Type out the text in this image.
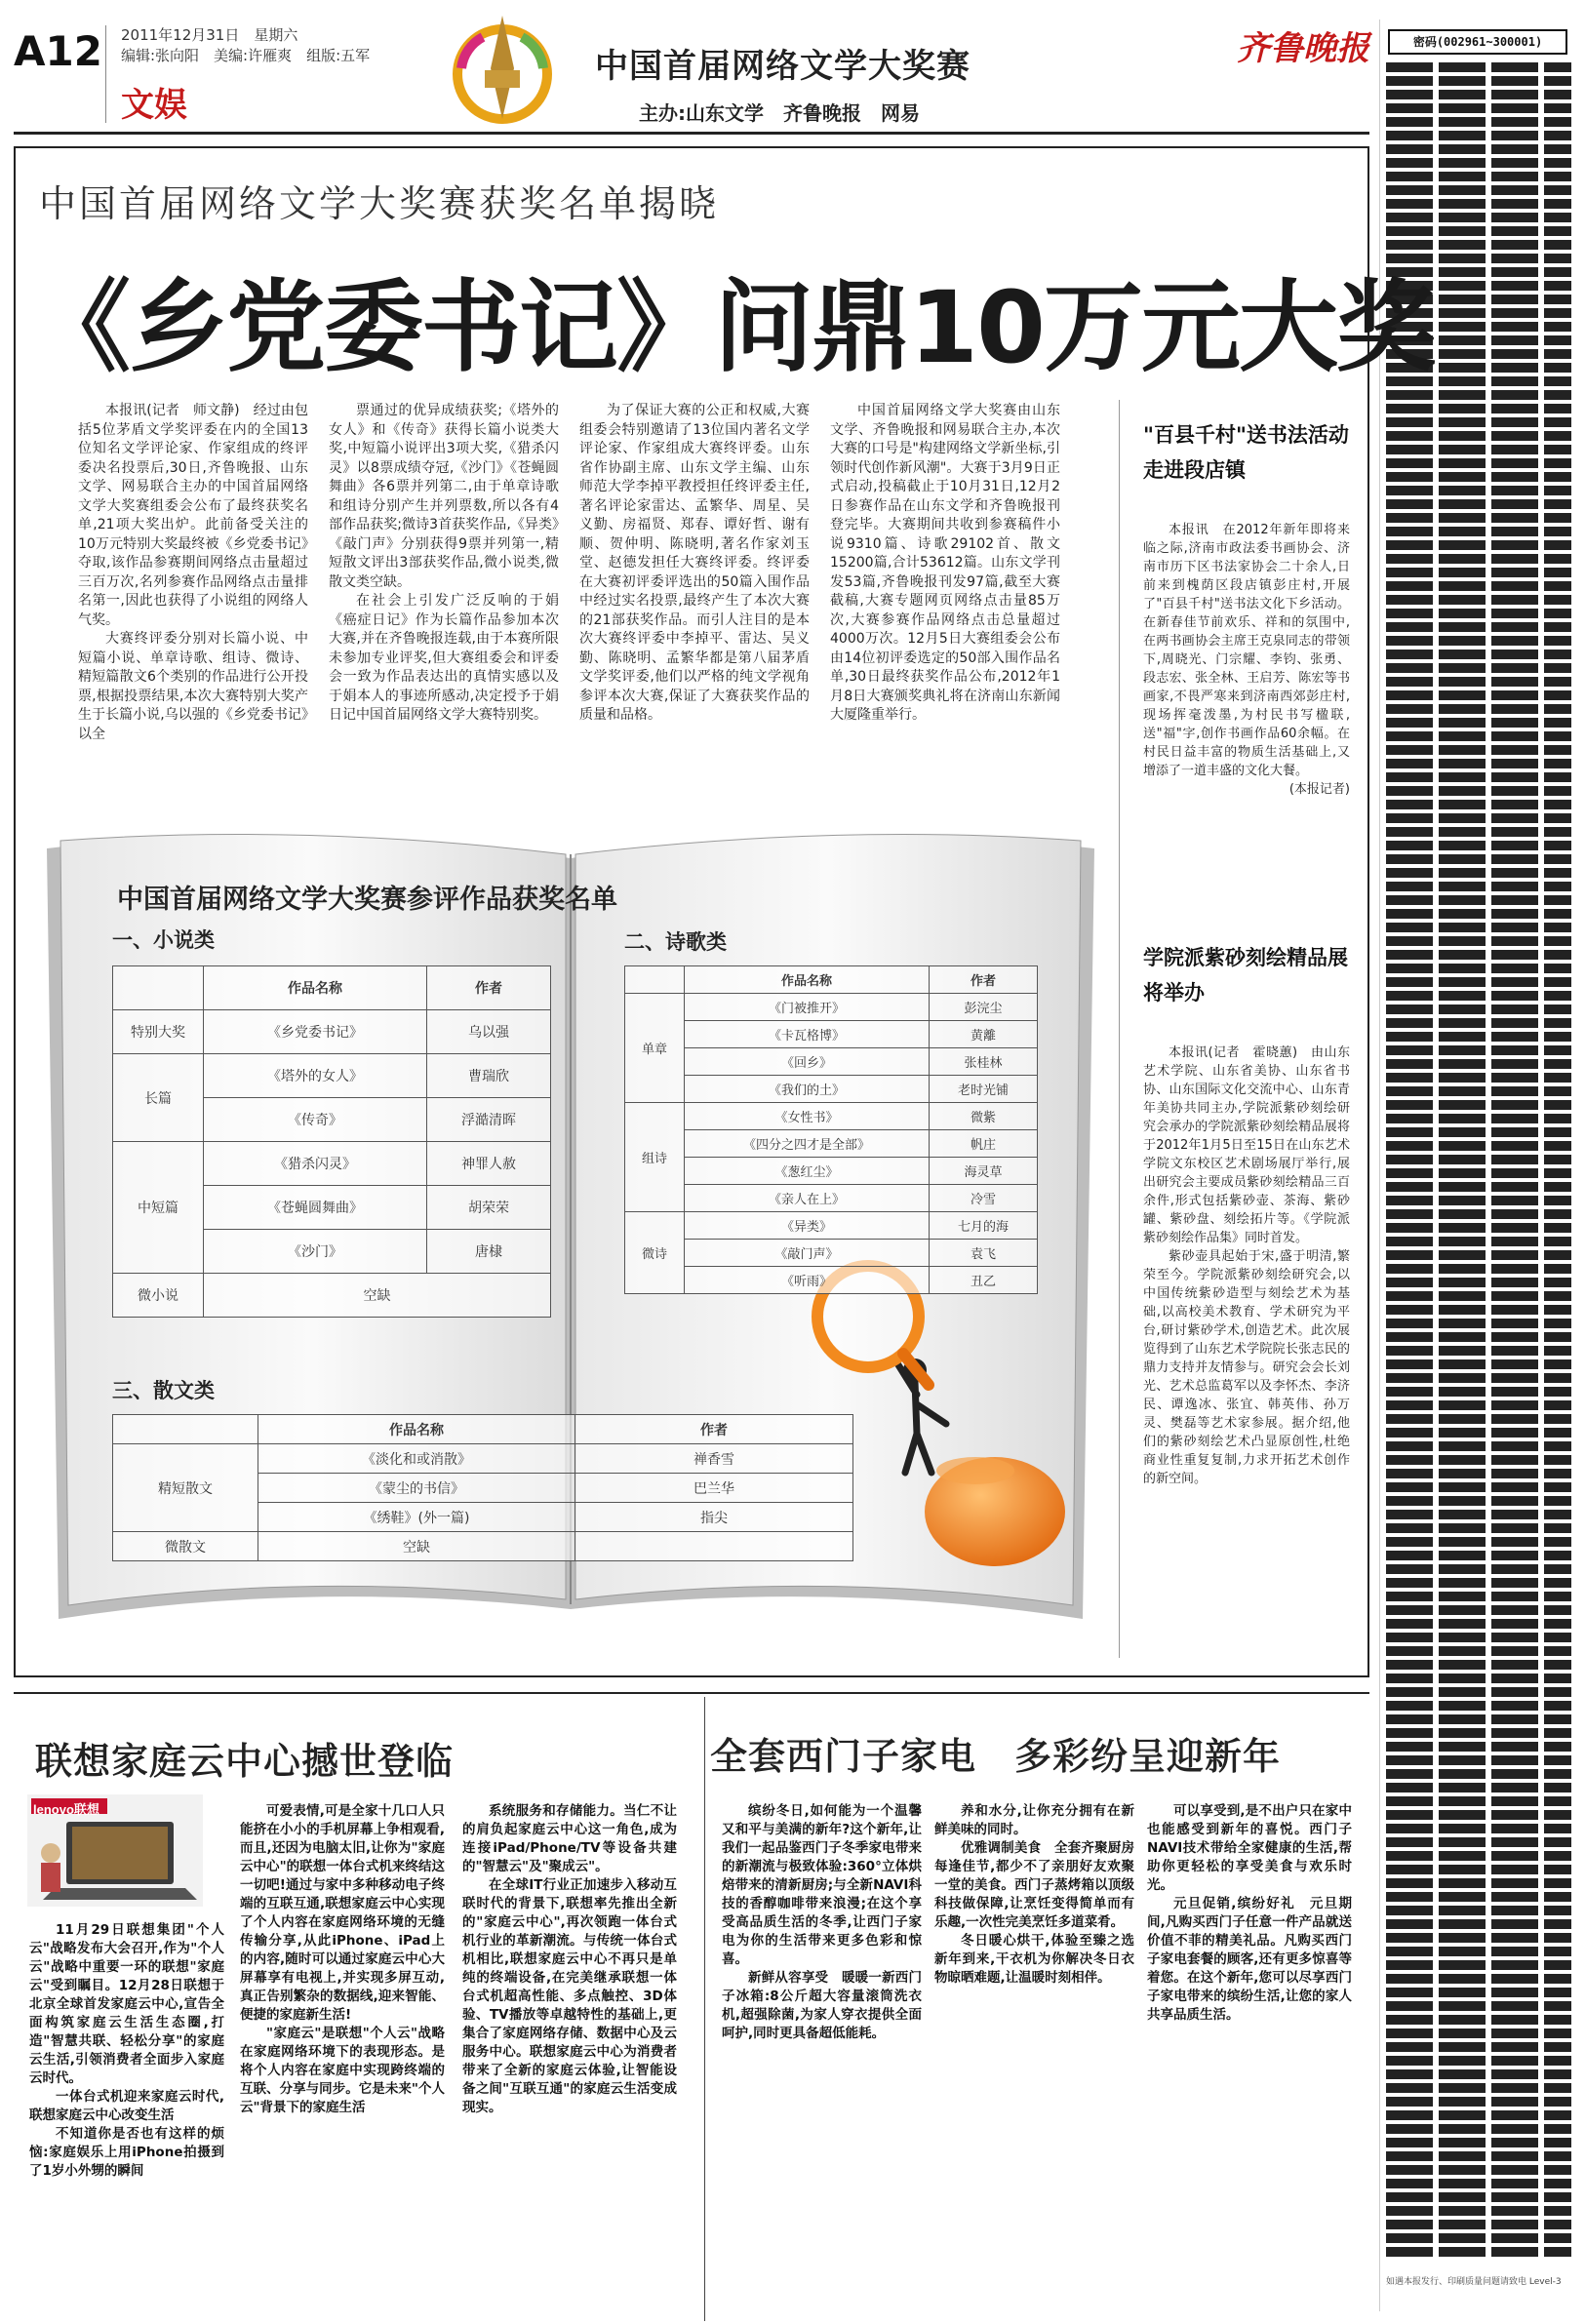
A12 2011年12月31日　星期六
编辑:张向阳　美编:许雁爽　组版:五军
文娱
中国首届网络文学大奖赛
主办:山东文学　齐鲁晚报　网易
齐鲁晚报	密码(002961~300001)
如遇本报发行、印刷质量问题请致电 Level-3
中国首届网络文学大奖赛获奖名单揭晓
《乡党委书记》问鼎10万元大奖

本报讯(记者　师文静)　经过由包括5位茅盾文学奖评委在内的全国13位知名文学评论家、作家组成的终评委决名投票后,30日,齐鲁晚报、山东文学、网易联合主办的中国首届网络文学大奖赛组委会公布了最终获奖名单,21项大奖出炉。此前备受关注的10万元特别大奖最终被《乡党委书记》夺取,该作品参赛期间网络点击量超过三百万次,名列参赛作品网络点击量排名第一,因此也获得了小说组的网络人气奖。

大赛终评委分别对长篇小说、中短篇小说、单章诗歌、组诗、微诗、精短篇散文6个类别的作品进行公开投票,根据投票结果,本次大赛特别大奖产生于长篇小说,乌以强的《乡党委书记》以全

票通过的优异成绩获奖;《塔外的女人》和《传奇》获得长篇小说类大奖,中短篇小说评出3项大奖,《猎杀闪灵》以8票成绩夺冠,《沙门》《苍蝇圆舞曲》各6票并列第二,由于单章诗歌和组诗分别产生并列票数,所以各有4部作品获奖;微诗3首获奖作品,《异类》《敲门声》分别获得9票并列第一,精短散文评出3部获奖作品,微小说类,微散文类空缺。

在社会上引发广泛反响的于娟《癌症日记》作为长篇作品参加本次大赛,并在齐鲁晚报连载,由于本赛所限未参加专业评奖,但大赛组委会和评委会一致为作品表达出的真情实感以及于娟本人的事迹所感动,决定授予于娟日记中国首届网络文学大赛特别奖。

为了保证大赛的公正和权威,大赛组委会特别邀请了13位国内著名文学评论家、作家组成大赛终评委。山东省作协副主席、山东文学主编、山东师范大学李掉平教授担任终评委主任,著名评论家雷达、孟繁华、周星、吴义勤、房福贤、郑春、谭好哲、谢有顺、贺仲明、陈晓明,著名作家刘玉堂、赵德发担任大赛终评委。终评委在大赛初评委评选出的50篇入围作品中经过实名投票,最终产生了本次大赛的21部获奖作品。而引人注目的是本次大赛终评委中李掉平、雷达、吴义勤、陈晓明、孟繁华都是第八届茅盾文学奖评委,他们以严格的纯文学视角参评本次大赛,保证了大赛获奖作品的质量和品格。

中国首届网络文学大奖赛由山东文学、齐鲁晚报和网易联合主办,本次大赛的口号是"构建网络文学新坐标,引领时代创作新风潮"。大赛于3月9日正式启动,投稿截止于10月31日,12月2日参赛作品在山东文学和齐鲁晚报刊登完毕。大赛期间共收到参赛稿件小说9310篇、诗歌29102首、散文15200篇,合计53612篇。山东文学刊发53篇,齐鲁晚报刊发97篇,截至大赛截稿,大赛专题网页网络点击量85万次,大赛参赛作品网络点击总量超过4000万次。12月5日大赛组委会公布由14位初评委选定的50部入围作品名单,30日最终获奖作品公布,2012年1月8日大赛颁奖典礼将在济南山东新闻大厦隆重举行。

"百县千村"送书法活动走进段店镇

本报讯　在2012年新年即将来临之际,济南市政法委书画协会、济南市历下区书法家协会二十余人,日前来到槐荫区段店镇彭庄村,开展了"百县千村"送书法文化下乡活动。在新春佳节前欢乐、祥和的氛围中,在两书画协会主席王克泉同志的带领下,周晓光、门宗耀、李钧、张勇、段志宏、张全林、王启芳、陈宏等书画家,不畏严寒来到济南西郊彭庄村,现场挥毫泼墨,为村民书写楹联,送"福"字,创作书画作品60余幅。在村民日益丰富的物质生活基础上,又增添了一道丰盛的文化大餐。

(本报记者)

学院派紫砂刻绘精品展将举办

本报讯(记者　霍晓蕙)　由山东艺术学院、山东省美协、山东省书协、山东国际文化交流中心、山东青年美协共同主办,学院派紫砂刻绘研究会承办的学院派紫砂刻绘精品展将于2012年1月5日至15日在山东艺术学院文东校区艺术剧场展厅举行,展出研究会主要成员紫砂刻绘精品三百余件,形式包括紫砂壶、茶海、紫砂罐、紫砂盘、刻绘拓片等。《学院派紫砂刻绘作品集》同时首发。

紫砂壶具起始于宋,盛于明清,繁荣至今。学院派紫砂刻绘研究会,以中国传统紫砂造型与刻绘艺术为基础,以高校美术教育、学术研究为平台,研讨紫砂学术,创造艺术。此次展览得到了山东艺术学院院长张志民的鼎力支持并友情参与。研究会会长刘光、艺术总监葛军以及李怀杰、李济民、谭逸冰、张宜、韩英伟、孙万灵、樊磊等艺术家参展。据介绍,他们的紫砂刻绘艺术凸显原创性,杜绝商业性重复复制,力求开拓艺术创作的新空间。

中国首届网络文学大奖赛参评作品获奖名单
一、小说类
	作品名称	作者
特别大奖	《乡党委书记》	乌以强
长篇	《塔外的女人》	曹瑞欣
	《传奇》	浮澔清晖
中短篇	《猎杀闪灵》	神罪人赦
	《苍蝇圆舞曲》	胡荣荣
	《沙门》	唐棣
微小说	空缺	
二、诗歌类
	作品名称	作者
单章	《门被推开》	彭浣尘
	《卡瓦格博》	黄離
	《回乡》	张桂林
	《我们的土》	老时光铺
组诗	《女性书》	微紫
	《四分之四才是全部》	帆庄
	《葱红尘》	海灵草
	《亲人在上》	冷雪
微诗	《异类》	七月的海
	《敲门声》	袁飞
	《听雨》	丑乙
三、散文类
	作品名称	作者
精短散文	《淡化和或消散》	禅香雪
	《蒙尘的书信》	巴兰华
	《绣鞋》(外一篇)	指尖
微散文	空缺	
联想家庭云中心撼世登临
lenovo联想

11月29日联想集团"个人云"战略发布大会召开,作为"个人云"战略中重要一环的联想"家庭云"受到瞩目。12月28日联想于北京全球首发家庭云中心,宣告全面构筑家庭云生活生态圈,打造"智慧共联、轻松分享"的家庭云生活,引领消费者全面步入家庭云时代。

一体台式机迎来家庭云时代,联想家庭云中心改变生活

不知道你是否也有这样的烦恼:家庭娱乐上用iPhone拍摄到了1岁小外甥的瞬间

可爱表情,可是全家十几口人只能挤在小小的手机屏幕上争相观看,而且,还因为电脑太旧,让你为"家庭云中心"的联想一体台式机来终结这一切吧!通过与家中多种移动电子终端的互联互通,联想家庭云中心实现了个人内容在家庭网络环境的无缝传输分享,从此iPhone、iPad上的内容,随时可以通过家庭云中心大屏幕享有电视上,并实现多屏互动,真正告别繁杂的数据线,迎来智能、便捷的家庭新生活!

"家庭云"是联想"个人云"战略在家庭网络环境下的表现形态。是将个人内容在家庭中实现跨终端的互联、分享与同步。它是未来"个人云"背景下的家庭生活

系统服务和存储能力。当仁不让的肩负起家庭云中心这一角色,成为连接iPad/Phone/TV等设备共建的"智慧云"及"聚成云"。

在全球IT行业正加速步入移动互联时代的背景下,联想率先推出全新的"家庭云中心",再次领跑一体台式机行业的革新潮流。与传统一体台式机相比,联想家庭云中心不再只是单纯的终端设备,在完美继承联想一体台式机超高性能、多点触控、3D体验、TV播放等卓越特性的基础上,更集合了家庭网络存储、数据中心及云服务中心。联想家庭云中心为消费者带来了全新的家庭云体验,让智能设备之间"互联互通"的家庭云生活变成现实。

全套西门子家电　多彩纷呈迎新年

缤纷冬日,如何能为一个温馨又和平与美满的新年?这个新年,让我们一起品鉴西门子冬季家电带来的新潮流与极致体验:360°立体烘焙带来的清新厨房;与全新NAVI科技的香醇咖啡带来浪漫;在这个享受高品质生活的冬季,让西门子家电为你的生活带来更多色彩和惊喜。

新鲜从容享受　暖暖一新西门子冰箱:8公斤超大容量滚筒洗衣机,超强除菌,为家人穿衣提供全面呵护,同时更具备超低能耗。

养和水分,让你充分拥有在新鲜美味的同时。

优雅调制美食　全套齐聚厨房　每逢佳节,都少不了亲朋好友欢聚一堂的美食。西门子蒸烤箱以顶级科技做保障,让烹饪变得简单而有乐趣,一次性完美烹饪多道菜肴。

冬日暖心烘干,体验至臻之选　新年到来,干衣机为你解决冬日衣物晾晒难题,让温暖时刻相伴。

可以享受到,是不出户只在家中也能感受到新年的喜悦。西门子NAVI技术带给全家健康的生活,帮助你更轻松的享受美食与欢乐时光。

元旦促销,缤纷好礼　元旦期间,凡购买西门子任意一件产品就送价值不菲的精美礼品。凡购买西门子家电套餐的顾客,还有更多惊喜等着您。在这个新年,您可以尽享西门子家电带来的缤纷生活,让您的家人共享品质生活。
